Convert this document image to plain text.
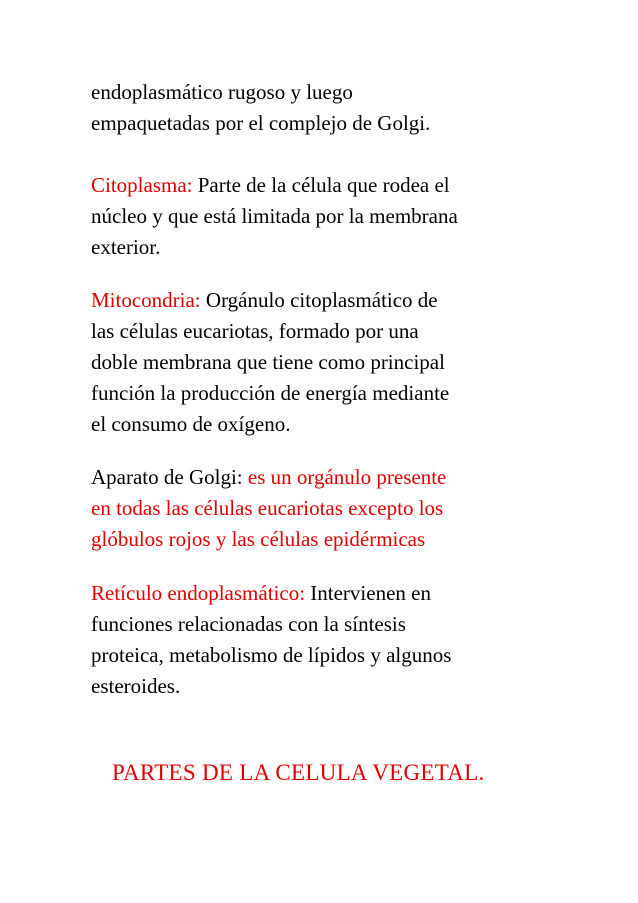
endoplasmático rugoso y luego
empaquetadas por el complejo de Golgi.
Citoplasma: Parte de la célula que rodea el
núcleo y que está limitada por la membrana
exterior.
Mitocondria: Orgánulo citoplasmático de
las células eucariotas, formado por una
doble membrana que tiene como principal
función la producción de energía mediante
el consumo de oxígeno.
Aparato de Golgi: es un orgánulo presente
en todas las células eucariotas excepto los
glóbulos rojos y las células epidérmicas
Retículo endoplasmático: Intervienen en
funciones relacionadas con la síntesis
proteica, metabolismo de lípidos y algunos
esteroides.
PARTES DE LA CELULA VEGETAL.
